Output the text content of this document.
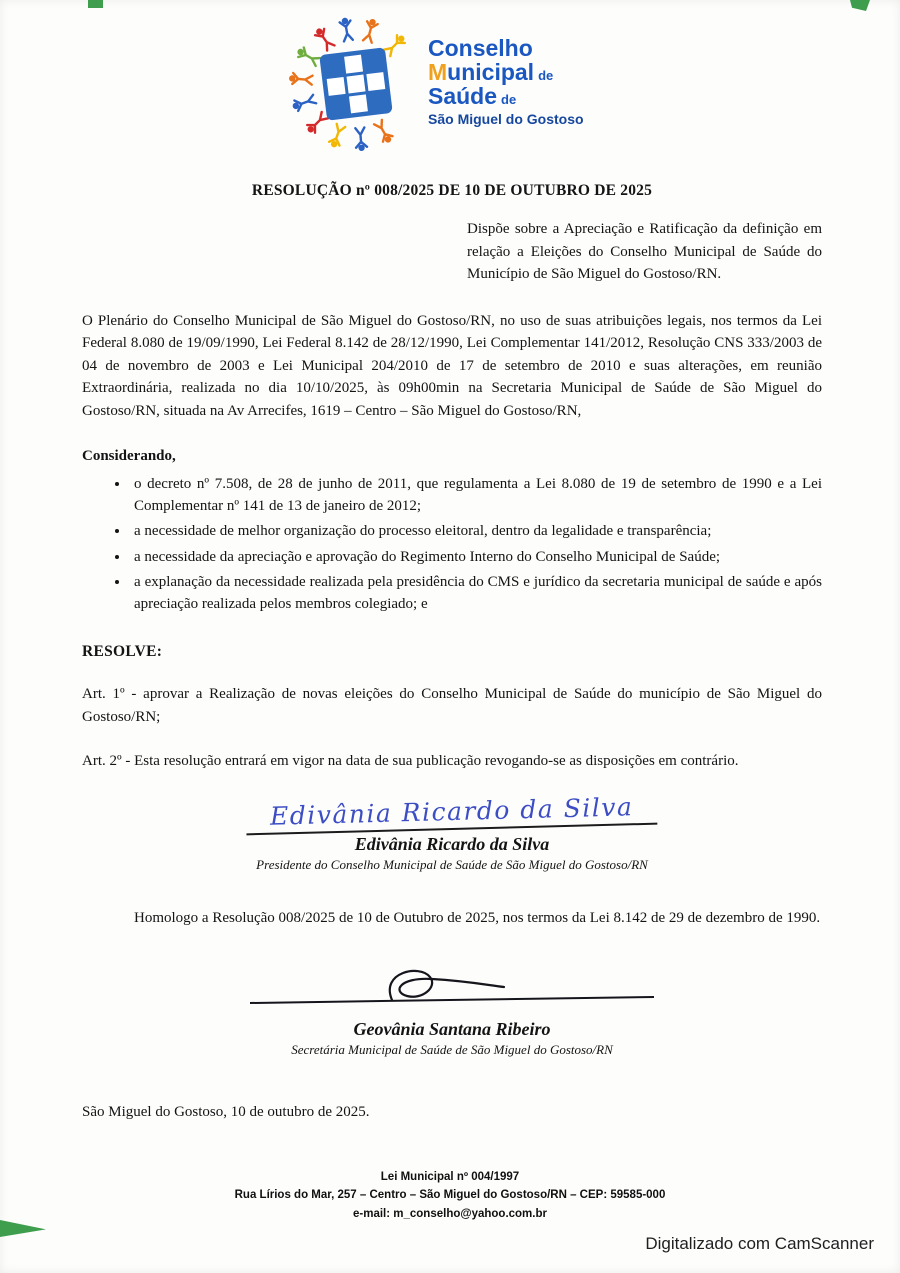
Conselho
Municipal de
Saúde de
São Miguel do Gostoso
RESOLUÇÃO nº 008/2025 DE 10 DE OUTUBRO DE 2025

Dispõe sobre a Apreciação e Ratificação da definição em relação a Eleições do Conselho Municipal de Saúde do Município de São Miguel do Gostoso/RN.

O Plenário do Conselho Municipal de São Miguel do Gostoso/RN, no uso de suas atribuições legais, nos termos da Lei Federal 8.080 de 19/09/1990, Lei Federal 8.142 de 28/12/1990, Lei Complementar 141/2012, Resolução CNS 333/2003 de 04 de novembro de 2003 e Lei Municipal 204/2010 de 17 de setembro de 2010 e suas alterações, em reunião Extraordinária, realizada no dia 10/10/2025, às 09h00min na Secretaria Municipal de Saúde de São Miguel do Gostoso/RN, situada na Av Arrecifes, 1619 – Centro – São Miguel do Gostoso/RN,

Considerando,
• o decreto nº 7.508, de 28 de junho de 2011, que regulamenta a Lei 8.080 de 19 de setembro de 1990 e a Lei Complementar nº 141 de 13 de janeiro de 2012;
• a necessidade de melhor organização do processo eleitoral, dentro da legalidade e transparência;
• a necessidade da apreciação e aprovação do Regimento Interno do Conselho Municipal de Saúde;
• a explanação da necessidade realizada pela presidência do CMS e jurídico da secretaria municipal de saúde e após apreciação realizada pelos membros colegiado; e
RESOLVE:

Art. 1º - aprovar a Realização de novas eleições do Conselho Municipal de Saúde do município de São Miguel do Gostoso/RN;

Art. 2º - Esta resolução entrará em vigor na data de sua publicação revogando-se as disposições em contrário.

Edivânia Ricardo da Silva
Edivânia Ricardo da Silva
Presidente do Conselho Municipal de Saúde de São Miguel do Gostoso/RN

Homologo a Resolução 008/2025 de 10 de Outubro de 2025, nos termos da Lei 8.142 de 29 de dezembro de 1990.

Geovânia Santana Ribeiro
Secretária Municipal de Saúde de São Miguel do Gostoso/RN
São Miguel do Gostoso, 10 de outubro de 2025.
Lei Municipal nº 004/1997
Rua Lírios do Mar, 257 – Centro – São Miguel do Gostoso/RN – CEP: 59585-000
e-mail: m_conselho@yahoo.com.br
Digitalizado com CamScanner
